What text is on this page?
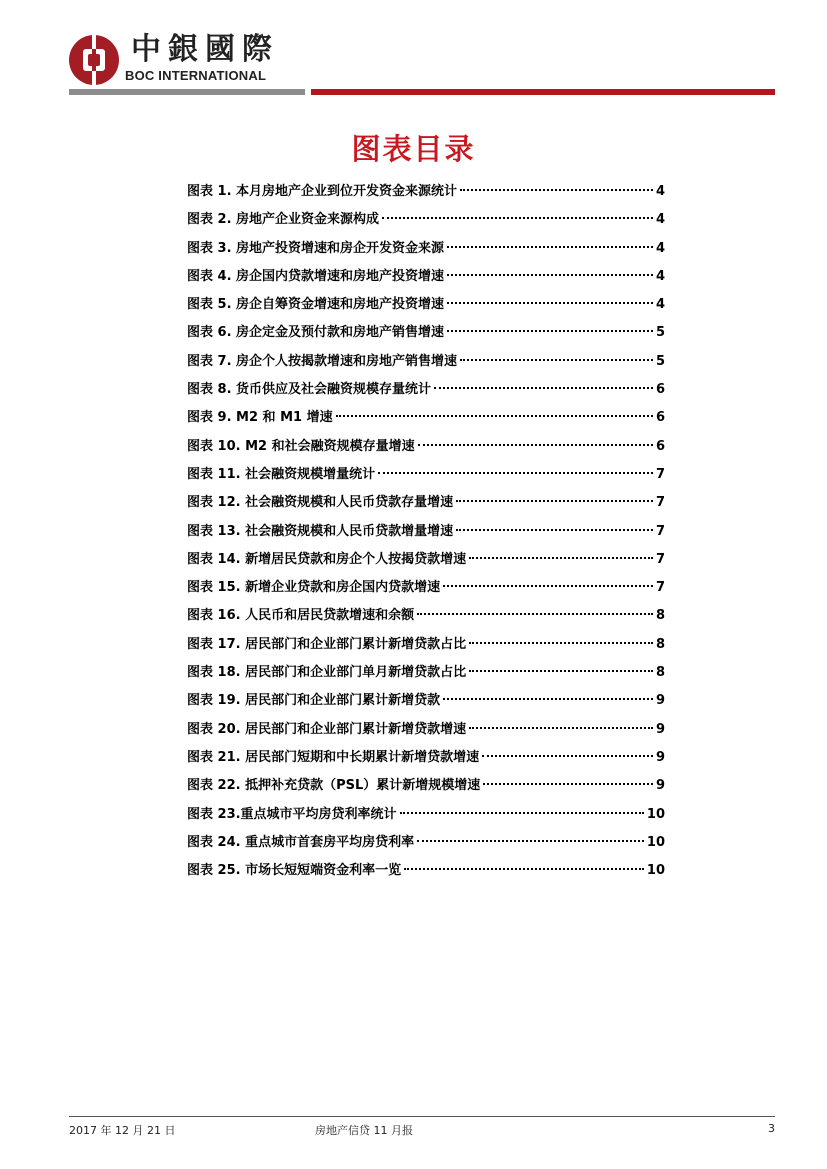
中銀國際
BOC INTERNATIONAL
图表目录
图表 1. 本月房地产企业到位开发资金来源统计	4
图表 2. 房地产企业资金来源构成	4
图表 3. 房地产投资增速和房企开发资金来源	4
图表 4. 房企国内贷款增速和房地产投资增速	4
图表 5. 房企自筹资金增速和房地产投资增速	4
图表 6. 房企定金及预付款和房地产销售增速	5
图表 7. 房企个人按揭款增速和房地产销售增速	5
图表 8. 货币供应及社会融资规模存量统计	6
图表 9. M2 和 M1 增速	6
图表 10. M2 和社会融资规模存量增速	6
图表 11. 社会融资规模增量统计	7
图表 12. 社会融资规模和人民币贷款存量增速	7
图表 13. 社会融资规模和人民币贷款增量增速	7
图表 14. 新增居民贷款和房企个人按揭贷款增速	7
图表 15. 新增企业贷款和房企国内贷款增速	7
图表 16. 人民币和居民贷款增速和余额	8
图表 17. 居民部门和企业部门累计新增贷款占比	8
图表 18. 居民部门和企业部门单月新增贷款占比	8
图表 19. 居民部门和企业部门累计新增贷款	9
图表 20. 居民部门和企业部门累计新增贷款增速	9
图表 21. 居民部门短期和中长期累计新增贷款增速	9
图表 22. 抵押补充贷款（PSL）累计新增规模增速	9
图表 23.重点城市平均房贷利率统计	10
图表 24. 重点城市首套房平均房贷利率	10
图表 25. 市场长短短端资金利率一览	10
2017 年 12 月 21 日	房地产信贷 11 月报	3
